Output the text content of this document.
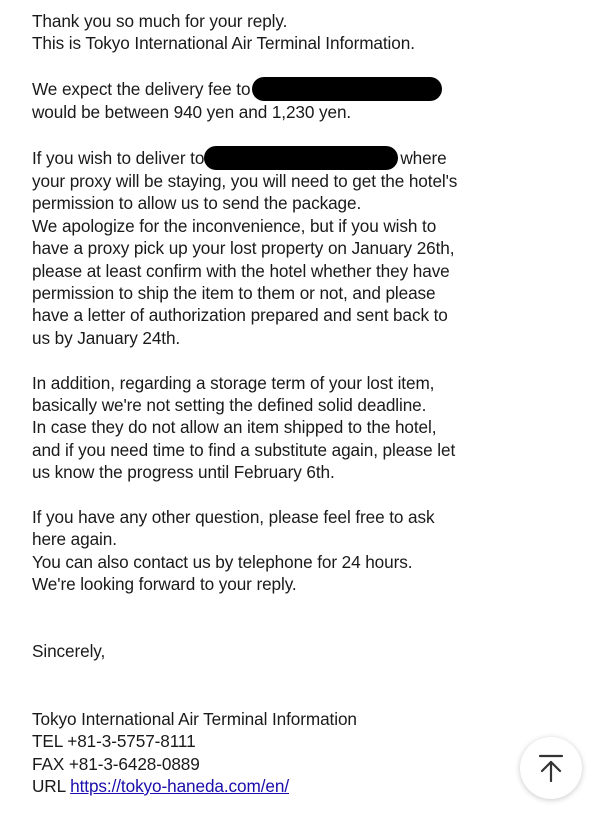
Thank you so much for your reply.
This is Tokyo International Air Terminal Information.

We expect the delivery fee to
would be between 940 yen and 1,230 yen.

If you wish to deliver to	where
your proxy will be staying, you will need to get the hotel's
permission to allow us to send the package.
We apologize for the inconvenience, but if you wish to
have a proxy pick up your lost property on January 26th,
please at least confirm with the hotel whether they have
permission to ship the item to them or not, and please
have a letter of authorization prepared and sent back to
us by January 24th.

In addition, regarding a storage term of your lost item,
basically we're not setting the defined solid deadline.
In case they do not allow an item shipped to the hotel,
and if you need time to find a substitute again, please let
us know the progress until February 6th.

If you have any other question, please feel free to ask
here again.
You can also contact us by telephone for 24 hours.
We're looking forward to your reply.

Sincerely,

Tokyo International Air Terminal Information
TEL +81-3-5757-8111
FAX +81-3-6428-0889
URL https://tokyo-haneda.com/en/
